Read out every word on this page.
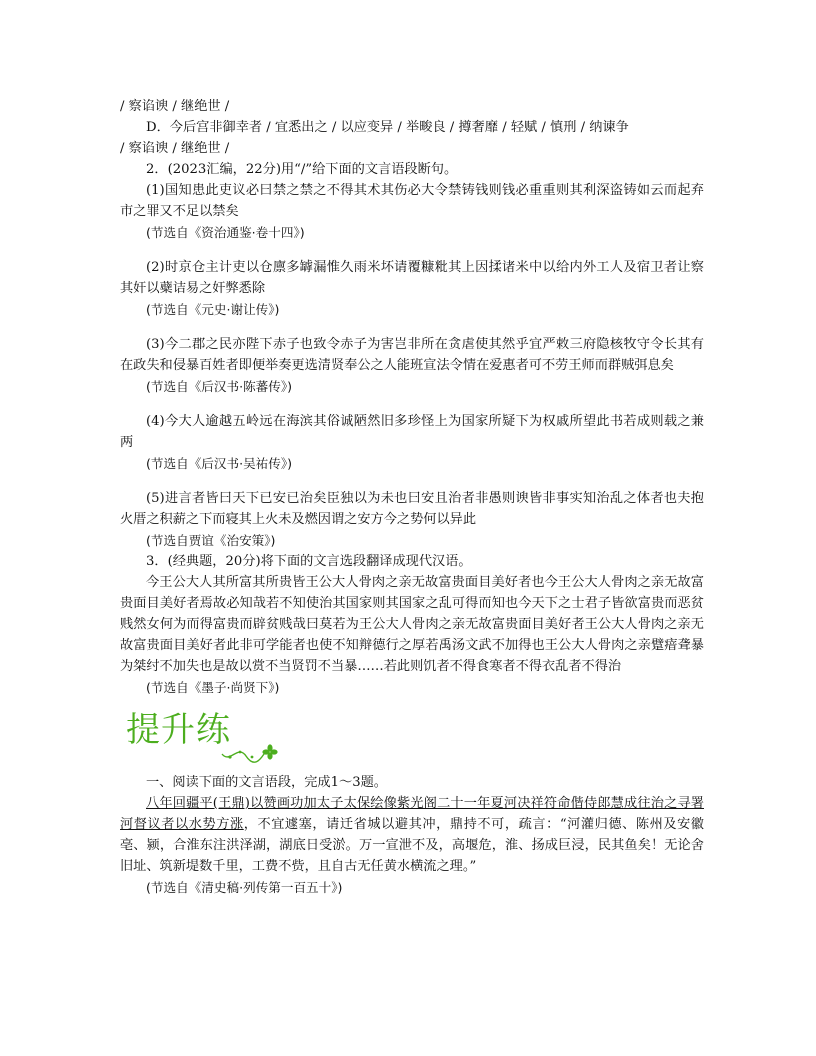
/ 察谄谀 / 继绝世 /
D．今后宫非御幸者 / 宜悉出之 / 以应变异 / 举畯良 / 撙奢靡 / 轻赋 / 慎刑 / 纳谏争
/ 察谄谀 / 继绝世 /
2．(2023汇编，22分)用“/”给下面的文言语段断句。
(1)国知患此吏议必曰禁之禁之不得其术其伤必大令禁铸钱则钱必重重则其利深盗铸如云而起弃市之罪又不足以禁矣
(节选自《资治通鉴·卷十四》)
(2)时京仓主计吏以仓廪多罅漏惟久雨米坏请覆糠粃其上因揉诸米中以给内外工人及宿卫者让察其奸以蘗诘易之奸弊悉除
(节选自《元史·谢让传》)
(3)今二郡之民亦陛下赤子也致令赤子为害岂非所在贪虐使其然乎宜严敕三府隐核牧守令长其有在政失和侵暴百姓者即便举奏更选清贤奉公之人能班宣法令情在爱惠者可不劳王师而群贼弭息矣
(节选自《后汉书·陈蕃传》)
(4)今大人逾越五岭远在海滨其俗诚陋然旧多珍怪上为国家所疑下为权戚所望此书若成则载之兼两
(节选自《后汉书·吴祐传》)
(5)进言者皆曰天下已安已治矣臣独以为未也曰安且治者非愚则谀皆非事实知治乱之体者也夫抱火厝之积薪之下而寝其上火未及燃因谓之安方今之势何以异此
(节选自贾谊《治安策》)
3．(经典题，20分)将下面的文言选段翻译成现代汉语。
今王公大人其所富其所贵皆王公大人骨肉之亲无故富贵面目美好者也今王公大人骨肉之亲无故富贵面目美好者焉故必知哉若不知使治其国家则其国家之乱可得而知也今天下之士君子皆欲富贵而恶贫贱然女何为而得富贵而辟贫贱哉曰莫若为王公大人骨肉之亲无故富贵面目美好者王公大人骨肉之亲无故富贵面目美好者此非可学能者也使不知辩德行之厚若禹汤文武不加得也王公大人骨肉之亲躄瘖聋暴为桀纣不加失也是故以赏不当贤罚不当暴……若此则饥者不得食寒者不得衣乱者不得治
(节选自《墨子·尚贤下》)
提升练
一、阅读下面的文言语段，完成1～3题。
八年回疆平(王鼎)以赞画功加太子太保绘像紫光阁二十一年夏河决祥符命偕侍郎慧成往治之寻署河督议者以水势方涨，不宜遽塞，请迁省城以避其冲，鼎持不可，疏言：“河灌归德、陈州及安徽亳、颍，合淮东注洪泽湖，湖底日受淤。万一宣泄不及，高堰危，淮、扬成巨浸，民其鱼矣！无论舍旧址、筑新堤数千里，工费不赀，且自古无任黄水横流之理。”
(节选自《清史稿·列传第一百五十》)
